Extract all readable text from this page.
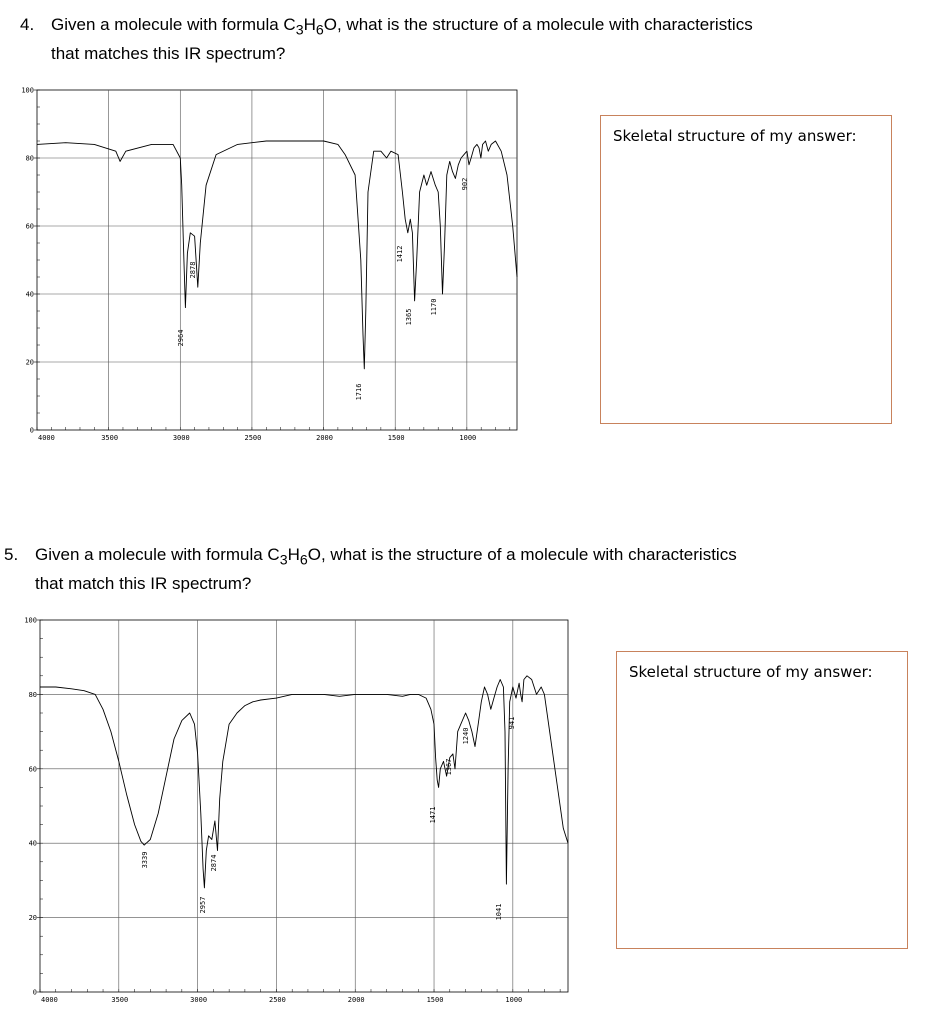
4. Given a molecule with formula $C_3H_6O$, what is the structure of a molecule with characteristics
that matches this IR spectrum?
4000	3500	3000	2500	2000	1500	1000
100
80
60
40
20
0
2964
2878
1716
1412
1365
1170
902
Skeletal structure of my answer:
5. Given a molecule with formula $C_3H_6O$, what is the structure of a molecule with characteristics
that match this IR spectrum?
4000	3500	3000	2500	2000	1500	1000
100
80
60
40
20
0
3339
2957
2874
1471
1367
1240
941
1041
Skeletal structure of my answer:
